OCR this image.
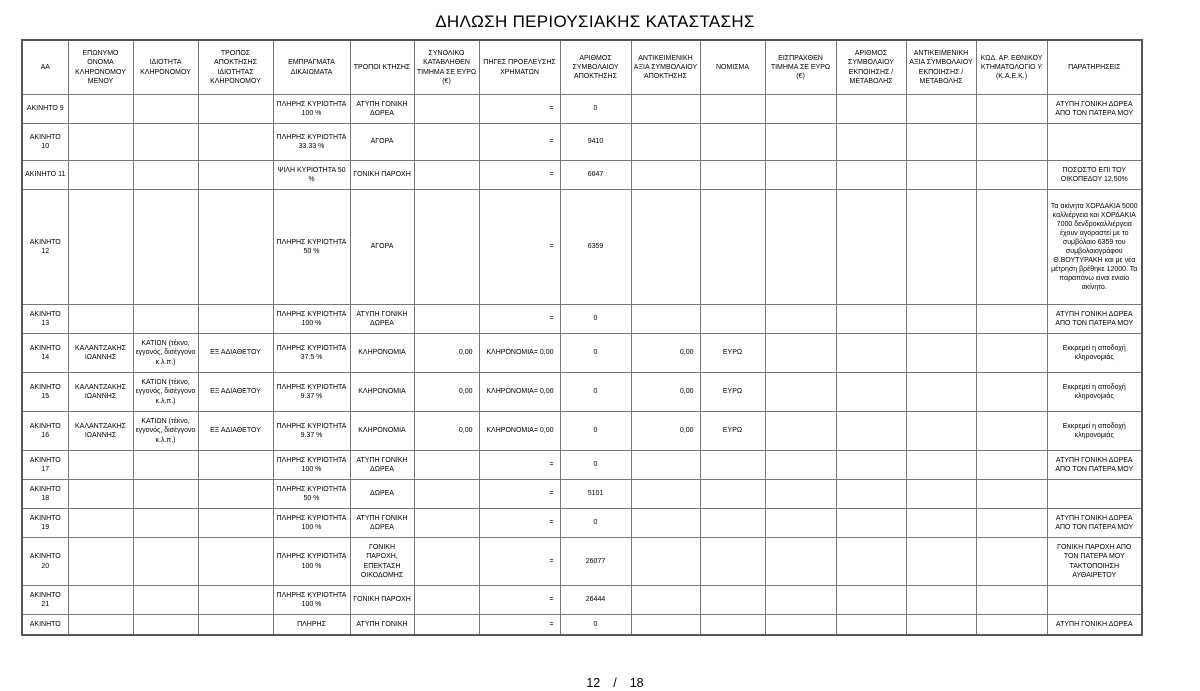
ΔΗΛΩΣΗ ΠΕΡΙΟΥΣΙΑΚΗΣ ΚΑΤΑΣΤΑΣΗΣ
ΑΑ	ΕΠΩΝΥΜΟ ΟΝΟΜΑ ΚΛΗΡΟΝΟΜΟΥ ΜΕΝΟΥ	ΙΔΙΟΤΗΤΑ ΚΛΗΡΟΝΟΜΟΥ	ΤΡΟΠΟΣ ΑΠΟΚΤΗΣΗΣ ΙΔΙΟΤΗΤΑΣ ΚΛΗΡΟΝΟΜΟΥ	ΕΜΠΡΑΓΜΑΤΑ ΔΙΚΑΙΩΜΑΤΑ	ΤΡΟΠΟΙ ΚΤΗΣΗΣ	ΣΥΝΟΛΙΚΟ ΚΑΤΑΒΛΗΘΕΝ ΤΙΜΗΜΑ ΣΕ ΕΥΡΩ (€)	ΠΗΓΕΣ ΠΡΟΕΛΕΥΣΗΣ ΧΡΗΜΑΤΩΝ	ΑΡΙΘΜΟΣ ΣΥΜΒΟΛΑΙΟΥ ΑΠΟΚΤΗΣΗΣ	ΑΝΤΙΚΕΙΜΕΝΙΚΗ ΑΞΙΑ ΣΥΜΒΟΛΑΙΟΥ ΑΠΟΚΤΗΣΗΣ	ΝΟΜΙΣΜΑ	ΕΙΣΠΡΑΧΘΕΝ ΤΙΜΗΜΑ ΣΕ ΕΥΡΩ (€)	ΑΡΙΘΜΟΣ ΣΥΜΒΟΛΑΙΟΥ ΕΚΠΟΙΗΣΗΣ /ΜΕΤΑΒΟΛΗΣ	ΑΝΤΙΚΕΙΜΕΝΙΚΗ ΑΞΙΑ ΣΥΜΒΟΛΑΙΟΥ ΕΚΠΟΙΗΣΗΣ / ΜΕΤΑΒΟΛΗΣ	ΚΩΔ. ΑΡ. ΕΘΝΙΚΟΥ ΚΤΗΜΑΤΟΛΟΓΙΟ Υ (Κ.Α.Ε.Κ.)	ΠΑΡΑΤΗΡΗΣΕΙΣ
ΑΚΙΝΗΤΟ 9				ΠΛΗΡΗΣ ΚΥΡΙΟΤΗΤΑ 100 %	ΑΤΥΠΗ ΓΟΝΙΚΗ ΔΩΡΕΑ		=	0							ΑΤΥΠΗ ΓΟΝΙΚΗ ΔΩΡΕΑ ΑΠΟ ΤΟΝ ΠΑΤΕΡΑ ΜΟΥ
ΑΚΙΝΗΤΟ 10				ΠΛΗΡΗΣ ΚΥΡΙΟΤΗΤΑ 33.33 %	ΑΓΟΡΑ		=	9410							
ΑΚΙΝΗΤΟ 11				ΨΙΛΗ ΚΥΡΙΟΤΗΤΑ 50 %	ΓΟΝΙΚΗ ΠΑΡΟΧΗ		=	6047							ΠΟΣΟΣΤΟ ΕΠΙ ΤΟΥ ΟΙΚΟΠΕΔΟΥ 12,50%
ΑΚΙΝΗΤΟ 12				ΠΛΗΡΗΣ ΚΥΡΙΟΤΗΤΑ 50 %	ΑΓΟΡΑ		=	6359							Τα ακίνητα ΧΟΡΔΑΚΙΑ 5000 καλλιέργεια και ΧΟΡΔΑΚΙΑ 7000 δενδροκαλλιέργεια έχουν αγοραστεί με το συμβόλαιο 6359 του συμβολαιογράφου Θ.ΒΟΥΤΥΡΑΚΗ και με νέα μέτρηση βρέθηκε 12000. Τα παραπάνω είναι ενιαίο ακίνητο.
ΑΚΙΝΗΤΟ 13				ΠΛΗΡΗΣ ΚΥΡΙΟΤΗΤΑ 100 %	ΑΤΥΠΗ ΓΟΝΙΚΗ ΔΩΡΕΑ		=	0							ΑΤΥΠΗ ΓΟΝΙΚΗ ΔΩΡΕΑ ΑΠΟ ΤΟΝ ΠΑΤΕΡΑ ΜΟΥ
ΑΚΙΝΗΤΟ 14	ΚΑΛΑΝΤΖΑΚΗΣ ΙΩΑΝΝΗΣ	ΚΑΤΙΩΝ (τέκνο, εγγονός, δισέγγονο κ.λ.π.)	ΕΞ ΑΔΙΑΘΕΤΟΥ	ΠΛΗΡΗΣ ΚΥΡΙΟΤΗΤΑ 37.5 %	ΚΛΗΡΟΝΟΜΙΑ	0,00	ΚΛΗΡΟΝΟΜΙΑ= 0,00	0	0,00	ΕΥΡΩ					Εκκρεμεί η αποδοχή κληρονομιάς
ΑΚΙΝΗΤΟ 15	ΚΑΛΑΝΤΖΑΚΗΣ ΙΩΑΝΝΗΣ	ΚΑΤΙΩΝ (τέκνο, εγγονός, δισέγγονο κ.λ.π.)	ΕΞ ΑΔΙΑΘΕΤΟΥ	ΠΛΗΡΗΣ ΚΥΡΙΟΤΗΤΑ 9.37 %	ΚΛΗΡΟΝΟΜΙΑ	0,00	ΚΛΗΡΟΝΟΜΙΑ= 0,00	0	0,00	ΕΥΡΩ					Εκκρεμεί η αποδοχή κληρονομιάς
ΑΚΙΝΗΤΟ 16	ΚΑΛΑΝΤΖΑΚΗΣ ΙΩΑΝΝΗΣ	ΚΑΤΙΩΝ (τέκνο, εγγονός, δισέγγονο κ.λ.π.)	ΕΞ ΑΔΙΑΘΕΤΟΥ	ΠΛΗΡΗΣ ΚΥΡΙΟΤΗΤΑ 9.37 %	ΚΛΗΡΟΝΟΜΙΑ	0,00	ΚΛΗΡΟΝΟΜΙΑ= 0,00	0	0,00	ΕΥΡΩ					Εκκρεμεί η αποδοχή κληρονομιάς
ΑΚΙΝΗΤΟ 17				ΠΛΗΡΗΣ ΚΥΡΙΟΤΗΤΑ 100 %	ΑΤΥΠΗ ΓΟΝΙΚΗ ΔΩΡΕΑ		=	0							ΑΤΥΠΗ ΓΟΝΙΚΗ ΔΩΡΕΑ ΑΠΟ ΤΟΝ ΠΑΤΕΡΑ ΜΟΥ
ΑΚΙΝΗΤΟ 18				ΠΛΗΡΗΣ ΚΥΡΙΟΤΗΤΑ 50 %	ΔΩΡΕΑ		=	5101							
ΑΚΙΝΗΤΟ 19				ΠΛΗΡΗΣ ΚΥΡΙΟΤΗΤΑ 100 %	ΑΤΥΠΗ ΓΟΝΙΚΗ ΔΩΡΕΑ		=	0							ΑΤΥΠΗ ΓΟΝΙΚΗ ΔΩΡΕΑ ΑΠΟ ΤΟΝ ΠΑΤΕΡΑ ΜΟΥ
ΑΚΙΝΗΤΟ 20				ΠΛΗΡΗΣ ΚΥΡΙΟΤΗΤΑ 100 %	ΓΟΝΙΚΗ ΠΑΡΟΧΗ, ΕΠΕΚΤΑΣΗ ΟΙΚΟΔΟΜΗΣ		=	26077							ΓΟΝΙΚΗ ΠΑΡΟΧΗ ΑΠΟ ΤΟΝ ΠΑΤΕΡΑ ΜΟΥ ΤΑΚΤΟΠΟΙΗΣΗ ΑΥΘΑΙΡΕΤΟΥ
ΑΚΙΝΗΤΟ 21				ΠΛΗΡΗΣ ΚΥΡΙΟΤΗΤΑ 100 %	ΓΟΝΙΚΗ ΠΑΡΟΧΗ		=	26444							
ΑΚΙΝΗΤΟ				ΠΛΗΡΗΣ	ΑΤΥΠΗ ΓΟΝΙΚΗ		=	0							ΑΤΥΠΗ ΓΟΝΙΚΗ ΔΩΡΕΑ
12 / 18
